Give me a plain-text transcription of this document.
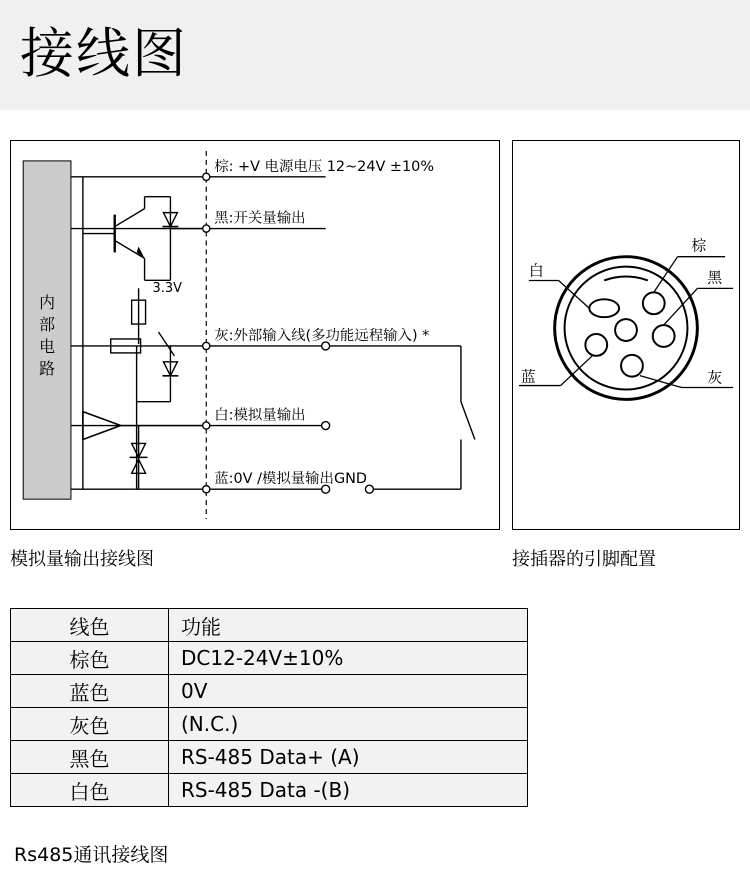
接线图
内
部
电
路
3.3V
棕: +V 电源电压 12~24V ±10%
黑:开关量输出
灰:外部输入线(多功能远程输入) *
白:模拟量输出
蓝:0V /模拟量输出GND
模拟量输出接线图
棕
黑
白
蓝	灰
接插器的引脚配置
线色	功能
棕色	DC12-24V±10%
蓝色	0V
灰色	(N.C.)
黑色	RS-485 Data+ (A)
白色	RS-485 Data -(B)
Rs485通讯接线图
